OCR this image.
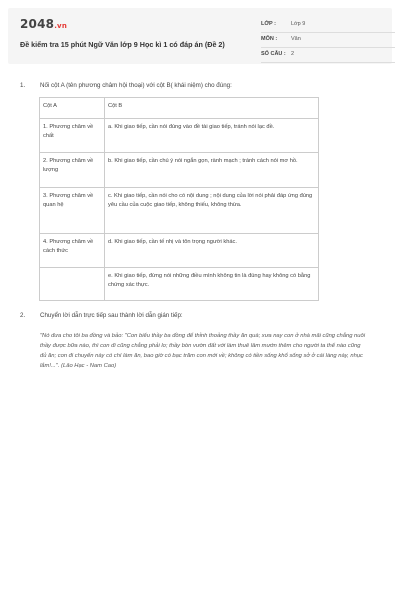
2048.vn
Đề kiểm tra 15 phút Ngữ Văn lớp 9 Học kì 1 có đáp án (Đề 2)
LỚP :	Lớp 9
MÔN :	Văn
SỐ CÂU : 2
1. Nối cột A (tên phương châm hội thoại) với cột B( khái niệm) cho đúng:
Cột A	Cột B
1. Phương châm về chất	a. Khi giao tiếp, cần nói đúng vào đề tài giao tiếp, tránh nói lạc đề.
2. Phương châm về lượng	b. Khi giao tiếp, cần chú ý nói ngắn gọn, rành mạch ; tránh cách nói mơ hồ.
3. Phương châm về quan hệ	c. Khi giao tiếp, cần nói cho có nội dung ; nội dung của lời nói phải đáp ứng đúng yêu cầu của cuộc giao tiếp, không thiếu, không thừa.
4. Phương châm về cách thức	d. Khi giao tiếp, cần tế nhị và tôn trọng người khác.
	e. Khi giao tiếp, đừng nói những điều mình không tin là đúng hay không có bằng chứng xác thực.
2. Chuyển lời dẫn trực tiếp sau thành lời dẫn gián tiếp:
"Nó đưa cho tôi ba đồng và bảo: "Con biếu thầy ba đồng để thỉnh thoảng thầy ăn quà; xưa nay con ở nhà mãi cũng chẳng nuôi thầy được bữa nào, thì con đi cũng chẳng phải lo; thầy bòn vườn đất với làm thuê lâm mướn thêm cho người ta thế nào cũng đủ ăn; con đi chuyến này có chí làm ăn, bao giờ có bạc trăm con mới về; không có tiền sống khổ sống sở ở cái làng này, nhục lắm!...". (Lão Hạc - Nam Cao)
